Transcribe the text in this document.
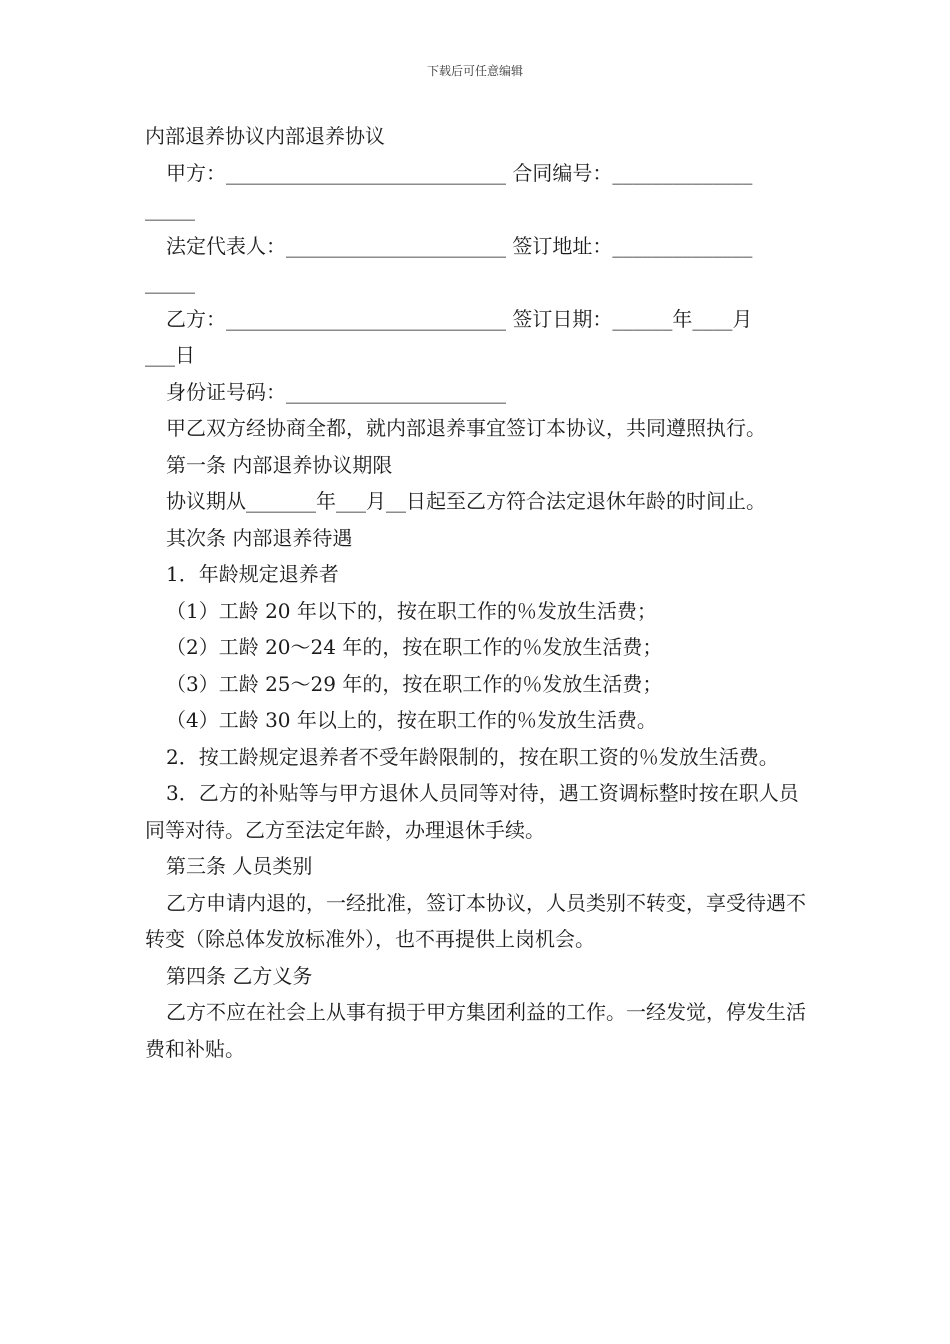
下载后可任意编辑

内部退养协议内部退养协议

甲方：____________________________ 合同编号：______________

_____

法定代表人：______________________ 签订地址：______________

_____

乙方：____________________________ 签订日期：______年____月

___日

身份证号码：______________________

甲乙双方经协商全都，就内部退养事宜签订本协议，共同遵照执行。

第一条 内部退养协议期限

协议期从_______年___月__日起至乙方符合法定退休年龄的时间止。

其次条 内部退养待遇

1．年龄规定退养者

（1）工龄 20 年以下的，按在职工作的％发放生活费；

（2）工龄 20～24 年的，按在职工作的％发放生活费；

（3）工龄 25～29 年的，按在职工作的％发放生活费；

（4）工龄 30 年以上的，按在职工作的％发放生活费。

2．按工龄规定退养者不受年龄限制的，按在职工资的％发放生活费。

3．乙方的补贴等与甲方退休人员同等对待，遇工资调标整时按在职人员同等对待。乙方至法定年龄，办理退休手续。

第三条 人员类别

乙方申请内退的，一经批准，签订本协议，人员类别不转变，享受待遇不转变（除总体发放标准外），也不再提供上岗机会。

第四条 乙方义务

乙方不应在社会上从事有损于甲方集团利益的工作。一经发觉，停发生活费和补贴。
